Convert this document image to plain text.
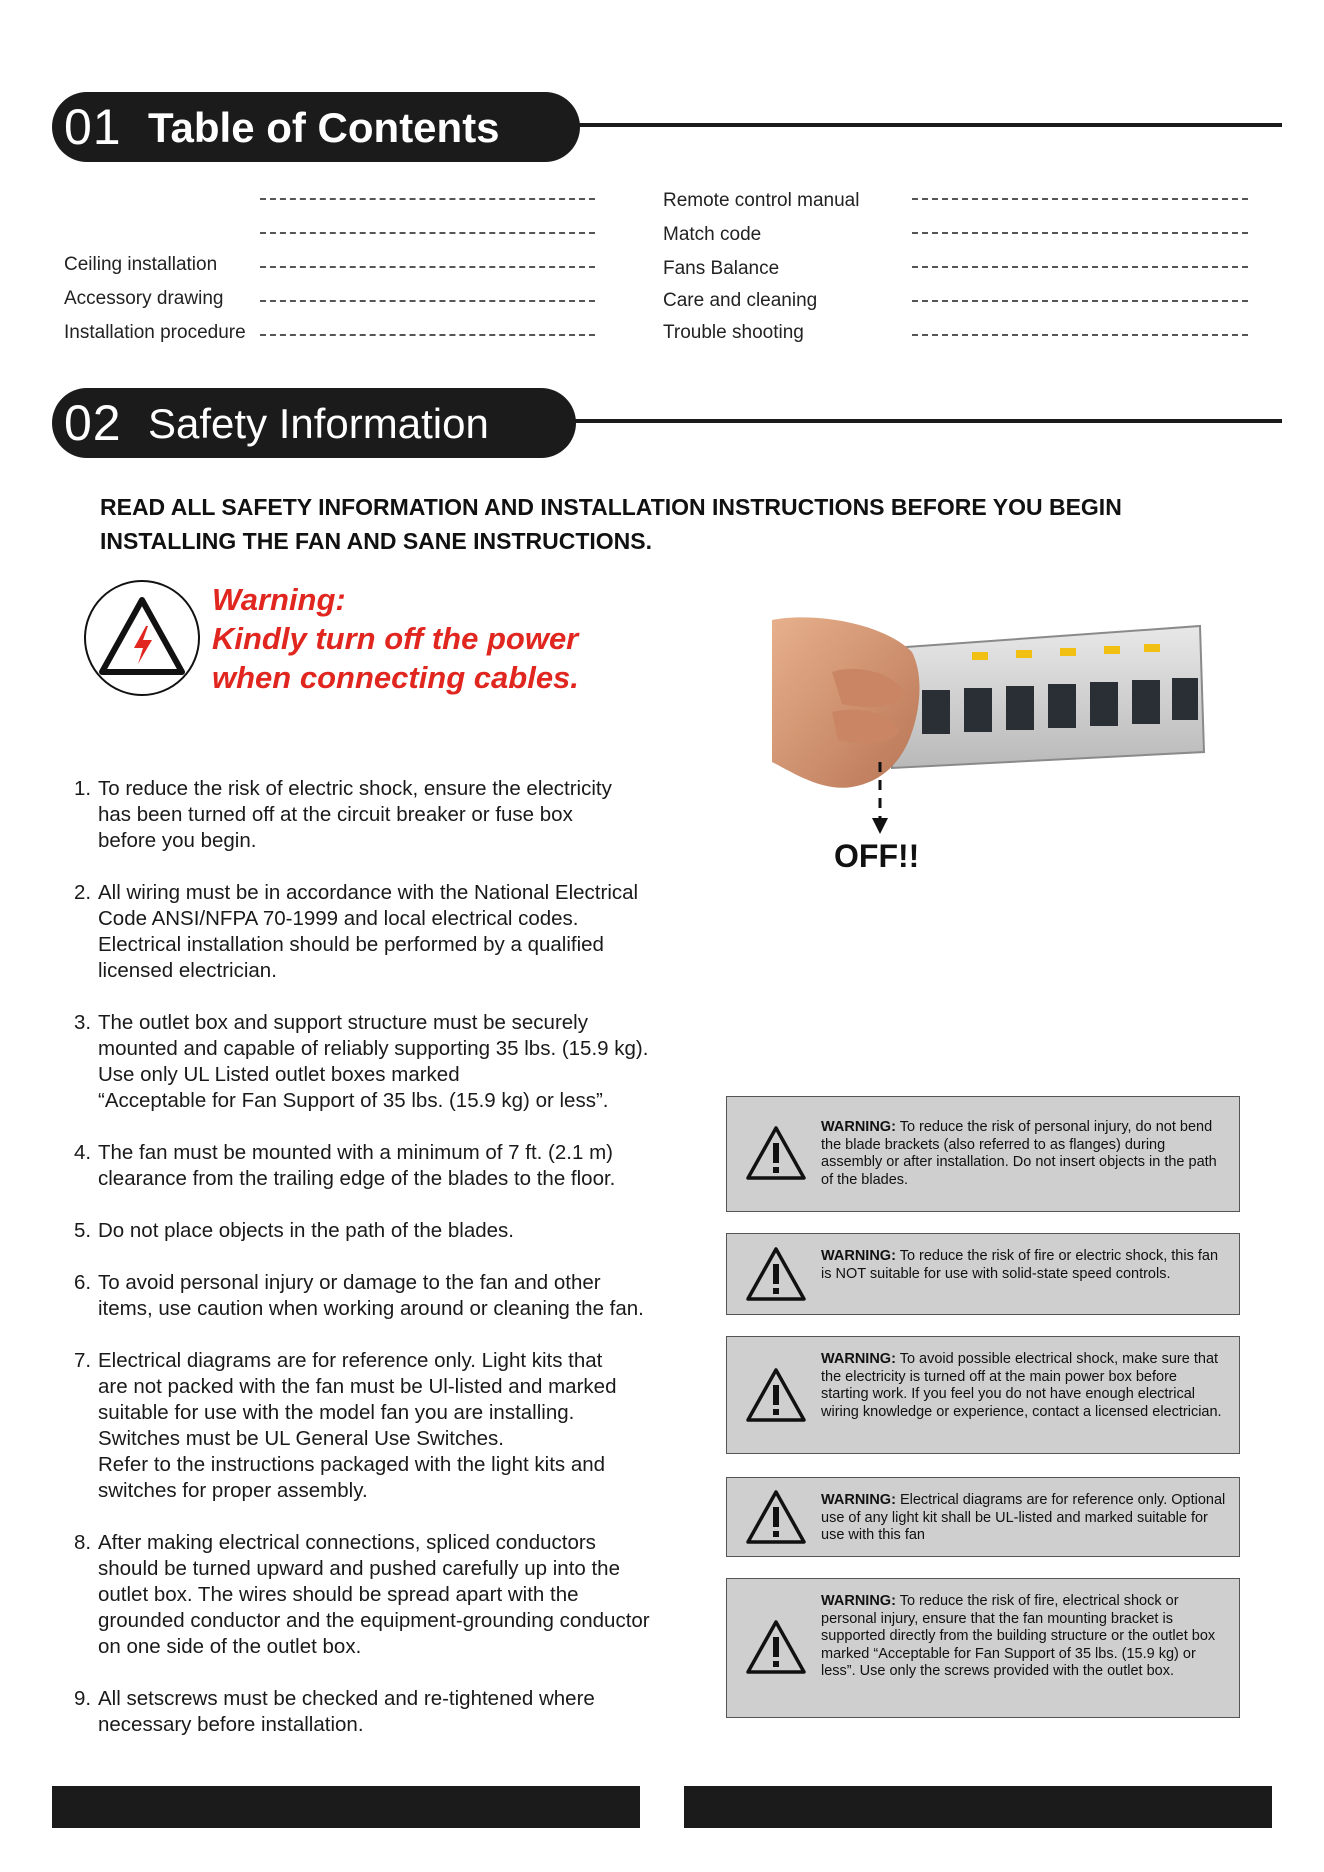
01 Table of Contents
Ceiling installation
Accessory drawing
Installation procedure
Remote control manual
Match code
Fans Balance
Care and cleaning
Trouble shooting
02 Safety Information
READ ALL SAFETY INFORMATION AND INSTALLATION INSTRUCTIONS BEFORE YOU BEGIN INSTALLING THE FAN AND SANE INSTRUCTIONS.
Warning:
Kindly turn off the power
when connecting cables.
OFF!!
1. To reduce the risk of electric shock, ensure the electricity
has been turned off at the circuit breaker or fuse box
before you begin.
2. All wiring must be in accordance with the National Electrical
Code ANSI/NFPA 70-1999 and local electrical codes.
Electrical installation should be performed by a qualified
licensed electrician.
3. The outlet box and support structure must be securely
mounted and capable of reliably supporting 35 lbs. (15.9 kg).
Use only UL Listed outlet boxes marked
“Acceptable for Fan Support of 35 lbs. (15.9 kg) or less”.
4. The fan must be mounted with a minimum of 7 ft. (2.1 m)
clearance from the trailing edge of the blades to the floor.
5. Do not place objects in the path of the blades.
6. To avoid personal injury or damage to the fan and other
items, use caution when working around or cleaning the fan.
7. Electrical diagrams are for reference only. Light kits that
are not packed with the fan must be Ul-listed and marked
suitable for use with the model fan you are installing.
Switches must be UL General Use Switches.
Refer to the instructions packaged with the light kits and
switches for proper assembly.
8. After making electrical connections, spliced conductors
should be turned upward and pushed carefully up into the
outlet box. The wires should be spread apart with the
grounded conductor and the equipment-grounding conductor
on one side of the outlet box.
9. All setscrews must be checked and re-tightened where
necessary before installation.
WARNING: To reduce the risk of personal injury, do not bend the blade brackets (also referred to as flanges) during assembly or after installation. Do not insert objects in the path of the blades.
WARNING: To reduce the risk of fire or electric shock, this fan is NOT suitable for use with solid-state speed controls.
WARNING: To avoid possible electrical shock, make sure that the electricity is turned off at the main power box before starting work. If you feel you do not have enough electrical wiring knowledge or experience, contact a licensed electrician.
WARNING: Electrical diagrams are for reference only. Optional use of any light kit shall be UL-listed and marked suitable for use with this fan
WARNING: To reduce the risk of fire, electrical shock or personal injury, ensure that the fan mounting bracket is supported directly from the building structure or the outlet box marked “Acceptable for Fan Support of 35 lbs. (15.9 kg) or less”. Use only the screws provided with the outlet box.
